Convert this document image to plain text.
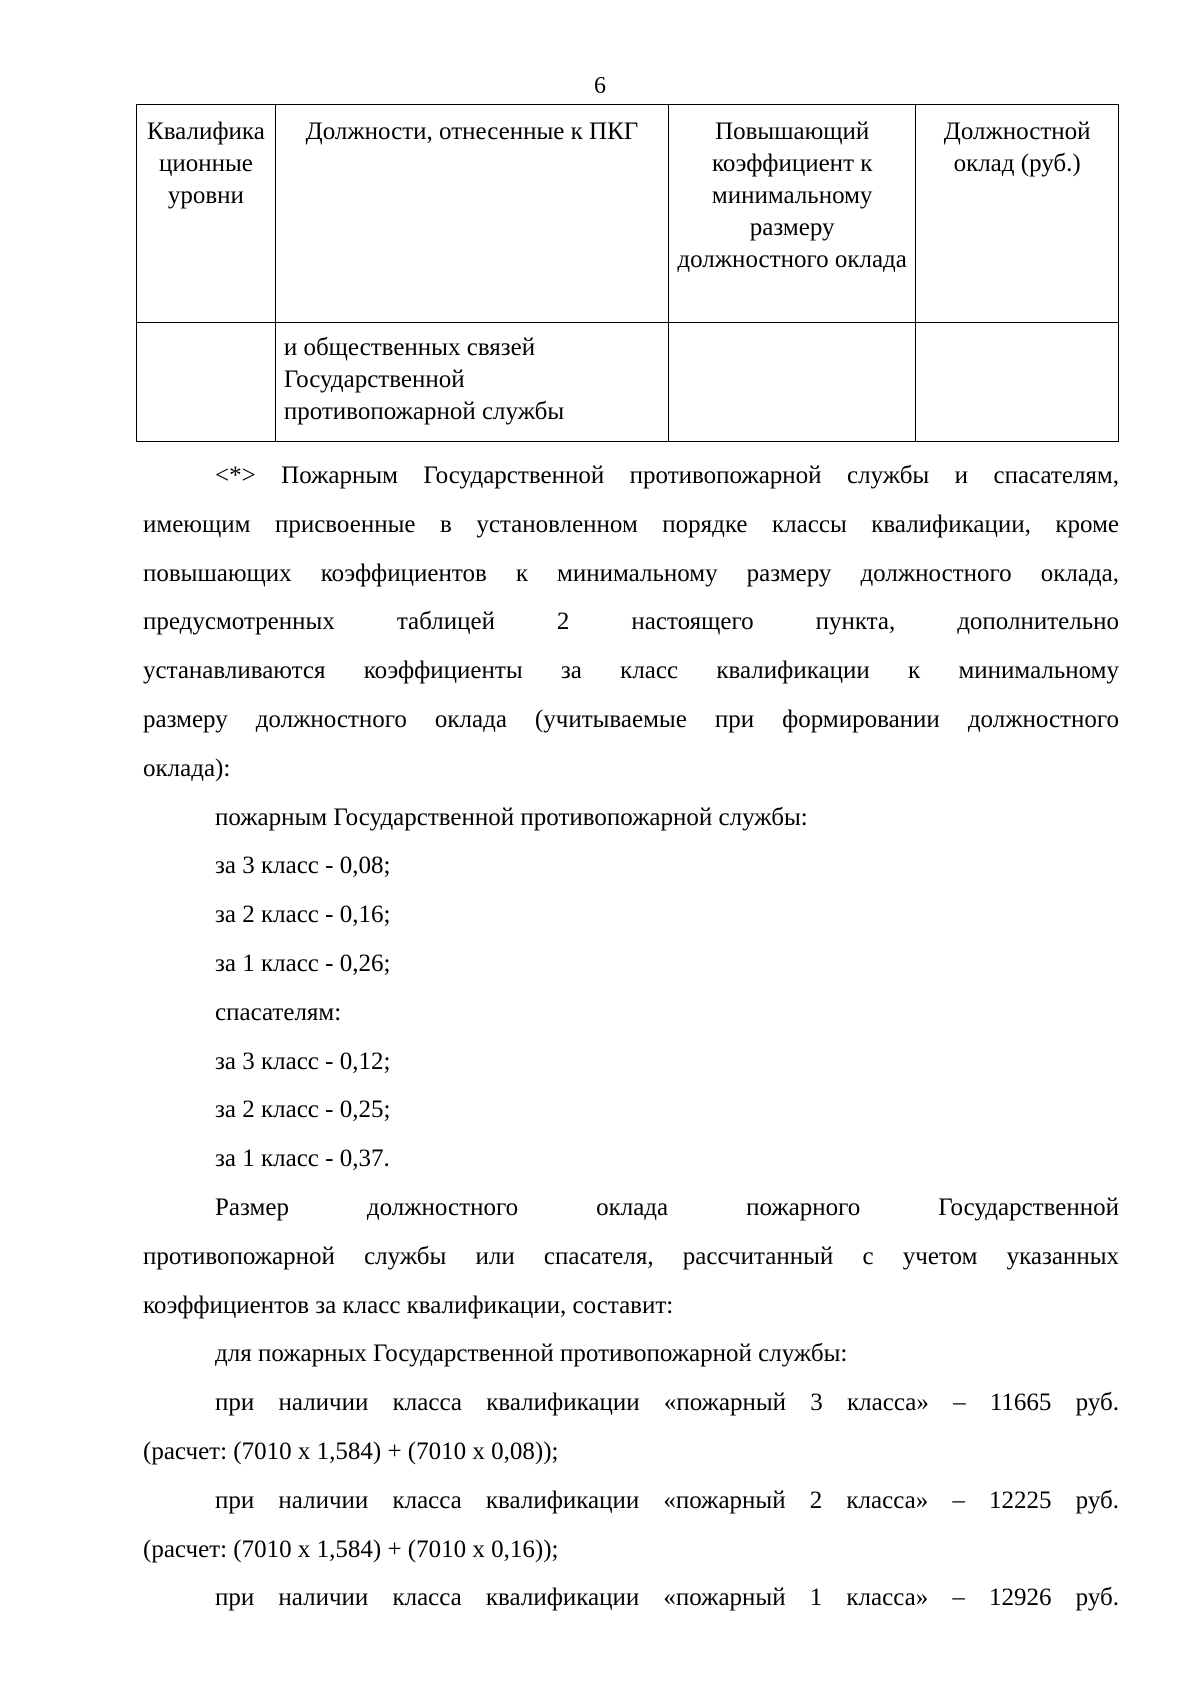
6
Квалифика ционные уровни	Должности, отнесенные к ПКГ	Повышающий коэффициент к минимальному размеру должностного оклада	Должностной оклад (руб.)
	и общественных связей Государственной противопожарной службы		

<*> Пожарным Государственной противопожарной службы и спасателям,

имеющим присвоенные в установленном порядке классы квалификации, кроме

повышающих коэффициентов к минимальному размеру должностного оклада,

предусмотренных таблицей 2 настоящего пункта, дополнительно

устанавливаются коэффициенты за класс квалификации к минимальному

размеру должностного оклада (учитываемые при формировании должностного

оклада):

пожарным Государственной противопожарной службы:

за 3 класс - 0,08;

за 2 класс - 0,16;

за 1 класс - 0,26;

спасателям:

за 3 класс - 0,12;

за 2 класс - 0,25;

за 1 класс - 0,37.

Размер должностного оклада пожарного Государственной

противопожарной службы или спасателя, рассчитанный с учетом указанных

коэффициентов за класс квалификации, составит:

для пожарных Государственной противопожарной службы:

при наличии класса квалификации «пожарный 3 класса» – 11665 руб.

(расчет: (7010 x 1,584) + (7010 x 0,08));

при наличии класса квалификации «пожарный 2 класса» – 12225 руб.

(расчет: (7010 x 1,584) + (7010 x 0,16));

при наличии класса квалификации «пожарный 1 класса» – 12926 руб.
